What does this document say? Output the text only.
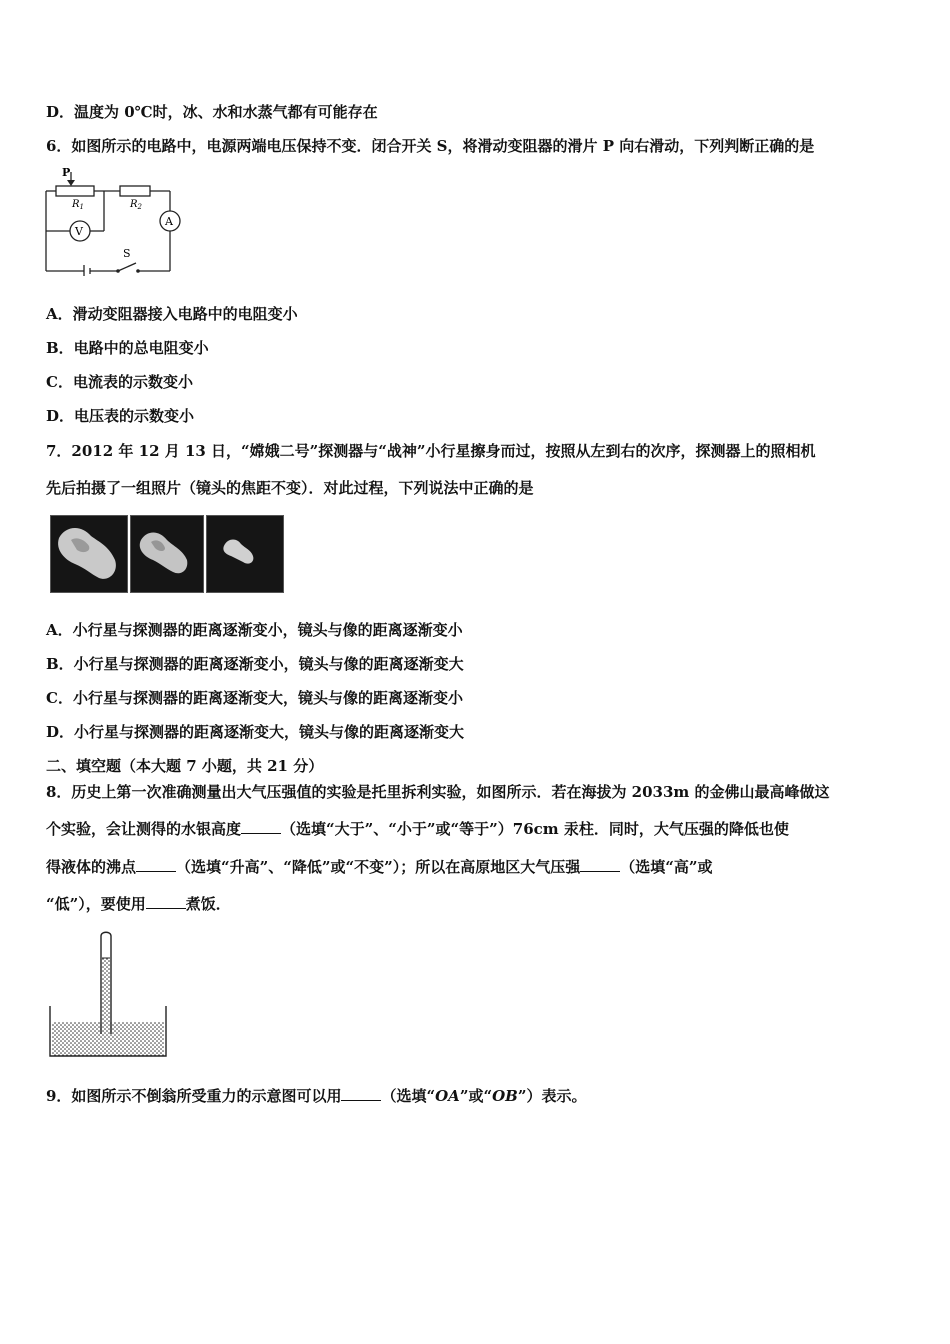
D．温度为 0℃时，冰、水和水蒸气都有可能存在
6．如图所示的电路中，电源两端电压保持不变．闭合开关 S，将滑动变阻器的滑片 P 向右滑动，下列判断正确的是
P
$R_1$	$R_2$
A
V
S
A．滑动变阻器接入电路中的电阻变小
B．电路中的总电阻变小
C．电流表的示数变小
D．电压表的示数变小
7．2012 年 12 月 13 日，“嫦娥二号”探测器与“战神”小行星擦身而过，按照从左到右的次序，探测器上的照相机
先后拍摄了一组照片（镜头的焦距不变）．对此过程，下列说法中正确的是
A．小行星与探测器的距离逐渐变小，镜头与像的距离逐渐变小
B．小行星与探测器的距离逐渐变小，镜头与像的距离逐渐变大
C．小行星与探测器的距离逐渐变大，镜头与像的距离逐渐变小
D．小行星与探测器的距离逐渐变大，镜头与像的距离逐渐变大
二、填空题（本大题 7 小题，共 21 分）
8．历史上第一次准确测量出大气压强值的实验是托里拆利实验，如图所示．若在海拔为 2033m 的金佛山最高峰做这
个实验，会让测得的水银高度	（选填“大于”、“小于”或“等于”）76cm 汞柱．同时，大气压强的降低也使
得液体的沸点	（选填“升高”、“降低”或“不变”）；所以在高原地区大气压强	（选填“高”或
“低”），要使用	煮饭．
9．如图所示不倒翁所受重力的示意图可以用	（选填“OA”或“OB”）表示。
